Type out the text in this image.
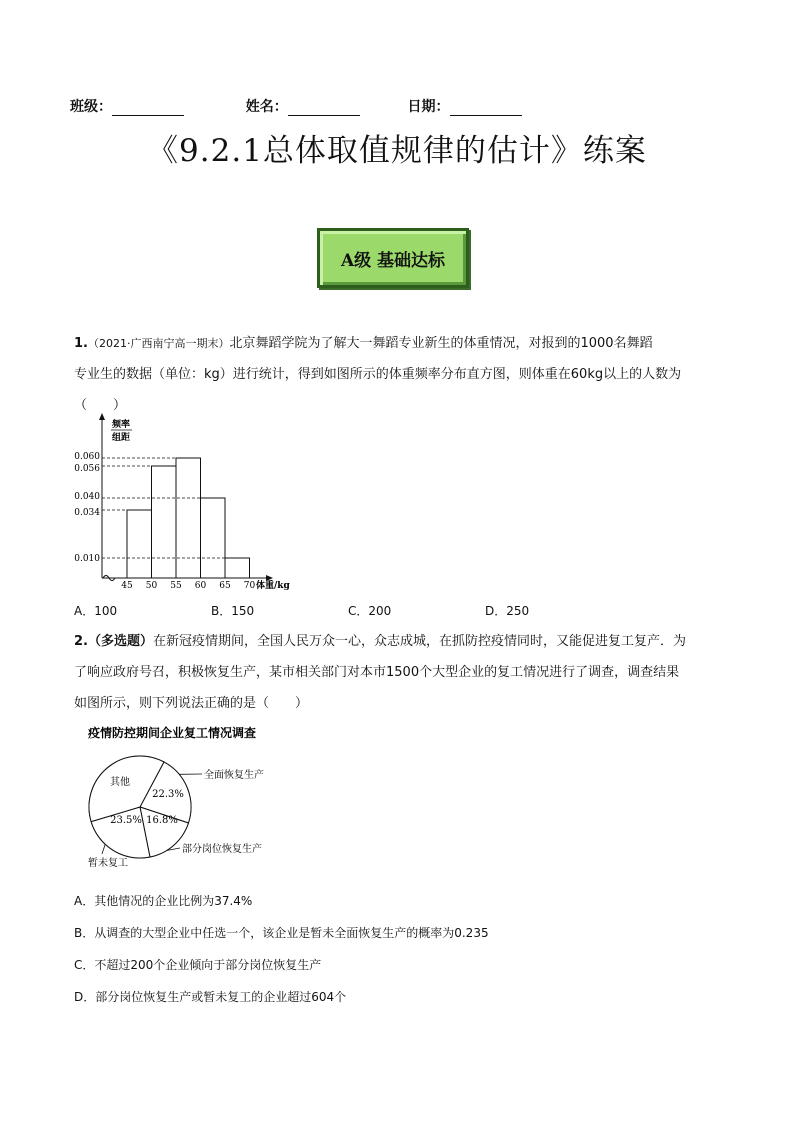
班级：	姓名：	日期：
《9.2.1总体取值规律的估计》练案
A级 基础达标
1.（2021·广西南宁高一期末）北京舞蹈学院为了解大一舞蹈专业新生的体重情况，对报到的1000名舞蹈
专业生的数据（单位：kg）进行统计，得到如图所示的体重频率分布直方图，则体重在60kg以上的人数为
（　　）
频率
组距
0.060
0.056
0.040
0.034
0.010
45 50 55 60 65 70 体重/kg
A．100	B．150	C．200	D．250
2.（多选题）在新冠疫情期间，全国人民万众一心，众志成城，在抓防控疫情同时，又能促进复工复产．为
了响应政府号召，积极恢复生产，某市相关部门对本市1500个大型企业的复工情况进行了调查，调查结果
如图所示，则下列说法正确的是（　　）
疫情防控期间企业复工情况调查
22.3%
16.8%
23.5%
其他
全面恢复生产
部分岗位恢复生产
暂未复工
A．其他情况的企业比例为37.4%
B．从调查的大型企业中任选一个，该企业是暂未全面恢复生产的概率为0.235
C．不超过200个企业倾向于部分岗位恢复生产
D．部分岗位恢复生产或暂未复工的企业超过604个
